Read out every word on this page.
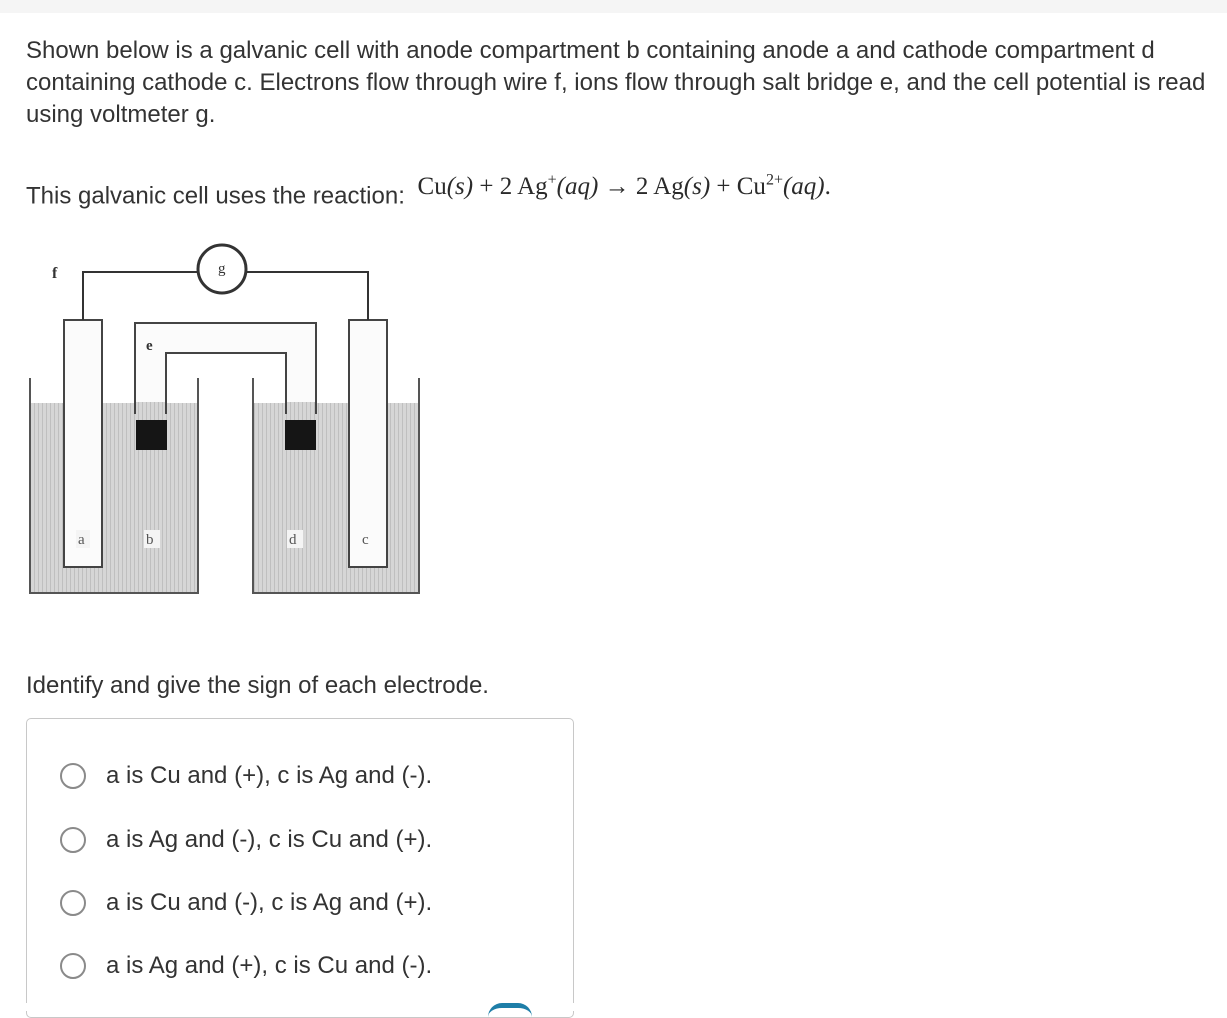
Shown below is a galvanic cell with anode compartment b containing anode a and cathode compartment d containing cathode c. Electrons flow through wire f, ions flow through salt bridge e, and the cell potential is read using voltmeter g.

This galvanic cell uses the reaction: Cu(s) + 2 Ag+(aq) → 2 $Ag(s) + Cu^{2+}(aq)$.
f	g
e
a	b	d	c
Identify and give the sign of each electrode.
a is Cu and (+), c is Ag and (-).
a is Ag and (-), c is Cu and (+).
a is Cu and (-), c is Ag and (+).
a is Ag and (+), c is Cu and (-).
